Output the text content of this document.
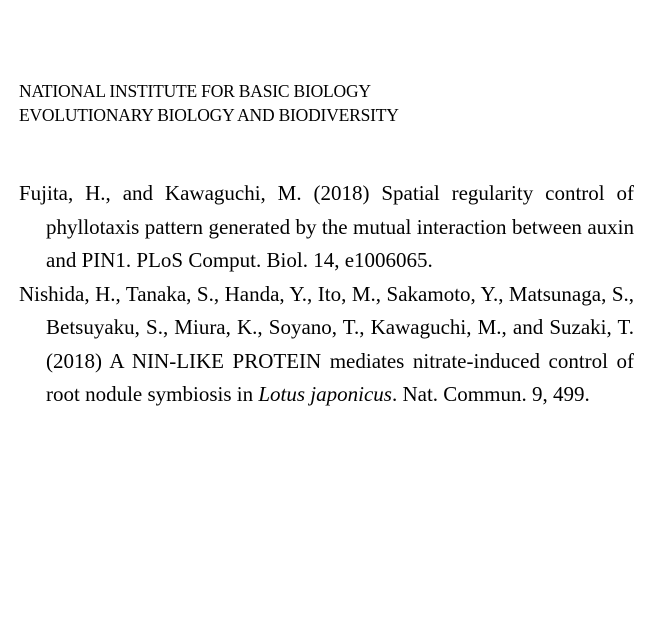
NATIONAL INSTITUTE FOR BASIC BIOLOGY
EVOLUTIONARY BIOLOGY AND BIODIVERSITY

Fujita, H., and Kawaguchi, M. (2018) Spatial regularity control of phyllotaxis pattern generated by the mutual interaction between auxin and PIN1. PLoS Comput. Biol. 14, e1006065.

Nishida, H., Tanaka, S., Handa, Y., Ito, M., Sakamoto, Y., Matsunaga, S., Betsuyaku, S., Miura, K., Soyano, T., Kawaguchi, M., and Suzaki, T. (2018) A NIN-LIKE PROTEIN mediates nitrate-induced control of root nodule symbiosis in Lotus japonicus. Nat. Commun. 9, 499.
